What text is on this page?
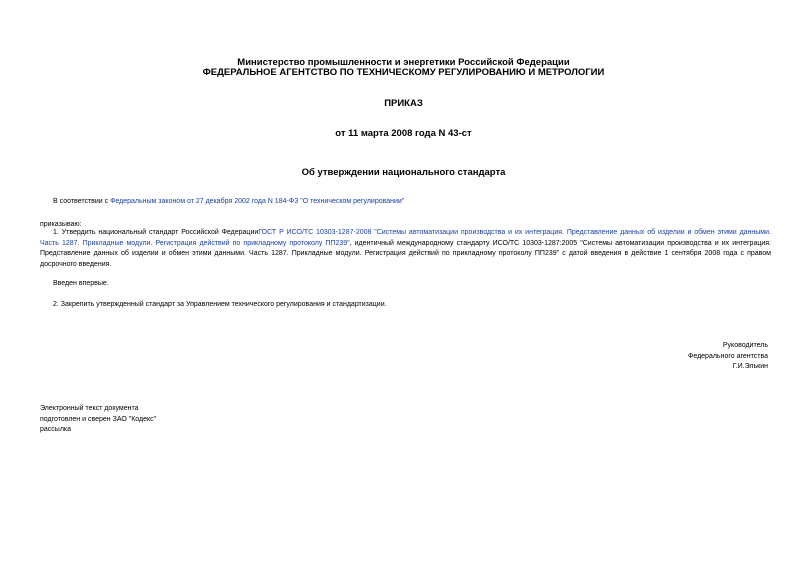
Министерство промышленности и энергетики Российской Федерации
ФЕДЕРАЛЬНОЕ АГЕНТСТВО ПО ТЕХНИЧЕСКОМУ РЕГУЛИРОВАНИЮ И МЕТРОЛОГИИ
ПРИКАЗ
от 11 марта 2008 года N 43-ст
Об утверждении национального стандарта
В соответствии с Федеральным законом от 27 декабря 2002 года N 184-ФЗ "О техническом регулировании"
приказываю:
1. Утвердить национальный стандарт Российской ФедерацииГОСТ Р ИСО/ТС 10303-1287-2008 "Системы автоматизации производства и их интеграция. Представление данных об изделии и обмен этими данными. Часть 1287. Прикладные модули. Регистрация действий по прикладному протоколу ПП239", идентичный международному стандарту ИСО/ТС 10303-1287:2005 "Системы автоматизации производства и их интеграция. Представление данных об изделии и обмен этими данными. Часть 1287. Прикладные модули. Регистрация действий по прикладному протоколу ПП239" с датой введения в действие 1 сентября 2008 года с правом досрочного введения.
Введен впервые.
2. Закрепить утвержденный стандарт за Управлением технического регулирования и стандартизации.
Руководитель
Федерального агентства
Г.И.Элькин
Электронный текст документа
подготовлен и сверен ЗАО "Кодекс"
рассылка
